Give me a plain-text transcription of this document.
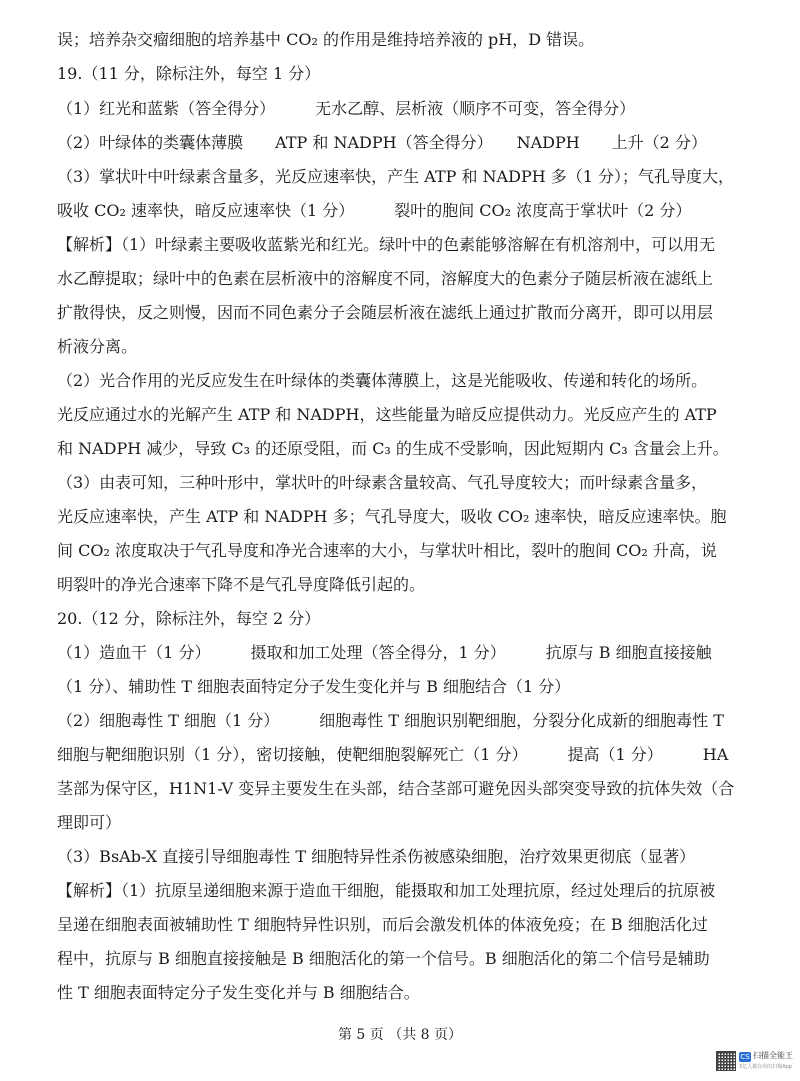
误；培养杂交瘤细胞的培养基中 CO₂ 的作用是维持培养液的 pH，D 错误。
19.（11 分，除标注外，每空 1 分）
（1）红光和蓝紫（答全得分）　　　无水乙醇、层析液（顺序不可变，答全得分）
（2）叶绿体的类囊体薄膜　　ATP 和 NADPH（答全得分）　　NADPH　　上升（2 分）
（3）掌状叶中叶绿素含量多，光反应速率快，产生 ATP 和 NADPH 多（1 分）；气孔导度大，
吸收 CO₂ 速率快，暗反应速率快（1 分）　　　裂叶的胞间 CO₂ 浓度高于掌状叶（2 分）
【解析】（1）叶绿素主要吸收蓝紫光和红光。绿叶中的色素能够溶解在有机溶剂中，可以用无
水乙醇提取；绿叶中的色素在层析液中的溶解度不同，溶解度大的色素分子随层析液在滤纸上
扩散得快，反之则慢，因而不同色素分子会随层析液在滤纸上通过扩散而分离开，即可以用层
析液分离。
（2）光合作用的光反应发生在叶绿体的类囊体薄膜上，这是光能吸收、传递和转化的场所。
光反应通过水的光解产生 ATP 和 NADPH，这些能量为暗反应提供动力。光反应产生的 ATP
和 NADPH 减少，导致 C₃ 的还原受阻，而 C₃ 的生成不受影响，因此短期内 C₃ 含量会上升。
（3）由表可知，三种叶形中，掌状叶的叶绿素含量较高、气孔导度较大；而叶绿素含量多，
光反应速率快，产生 ATP 和 NADPH 多；气孔导度大，吸收 CO₂ 速率快，暗反应速率快。胞
间 CO₂ 浓度取决于气孔导度和净光合速率的大小，与掌状叶相比，裂叶的胞间 CO₂ 升高，说
明裂叶的净光合速率下降不是气孔导度降低引起的。
20.（12 分，除标注外，每空 2 分）
（1）造血干（1 分）　　　摄取和加工处理（答全得分，1 分）　　　抗原与 B 细胞直接接触
（1 分）、辅助性 T 细胞表面特定分子发生变化并与 B 细胞结合（1 分）
（2）细胞毒性 T 细胞（1 分）　　　细胞毒性 T 细胞识别靶细胞，分裂分化成新的细胞毒性 T
细胞与靶细胞识别（1 分），密切接触，使靶细胞裂解死亡（1 分）　　　提高（1 分）　　　HA
茎部为保守区，H1N1-V 变异主要发生在头部，结合茎部可避免因头部突变导致的抗体失效（合
理即可）
（3）BsAb-X 直接引导细胞毒性 T 细胞特异性杀伤被感染细胞，治疗效果更彻底（显著）
【解析】（1）抗原呈递细胞来源于造血干细胞，能摄取和加工处理抗原，经过处理后的抗原被
呈递在细胞表面被辅助性 T 细胞特异性识别，而后会激发机体的体液免疫；在 B 细胞活化过
程中，抗原与 B 细胞直接接触是 B 细胞活化的第一个信号。B 细胞活化的第二个信号是辅助
性 T 细胞表面特定分子发生变化并与 B 细胞结合。
第 5 页 （共 8 页）
CS 扫描全能王
3亿人都在用的扫描App
